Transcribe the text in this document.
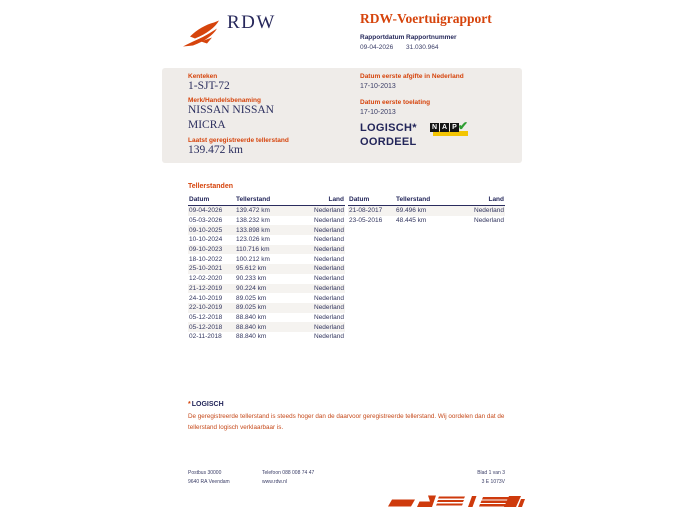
RDW	RDW-Voertuigrapport
Rapportdatum
09-04-2026
Rapportnummer
31.030.964
Kenteken
1-SJT-72
Merk/Handelsbenaming
NISSAN NISSAN
MICRA
Laatst geregistreerde tellerstand
139.472 km
Datum eerste afgifte in Nederland
17-10-2013
Datum eerste toelating
17-10-2013
LOGISCH*
OORDEEL
N A P ✔
Tellerstanden
Datum	Tellerstand	Land
09-04-2026	139.472 km	Nederland
05-03-2026	138.232 km	Nederland
09-10-2025	133.898 km	Nederland
10-10-2024	123.026 km	Nederland
09-10-2023	110.716 km	Nederland
18-10-2022	100.212 km	Nederland
25-10-2021	95.612 km	Nederland
12-02-2020	90.233 km	Nederland
21-12-2019	90.224 km	Nederland
24-10-2019	89.025 km	Nederland
22-10-2019	89.025 km	Nederland
05-12-2018	88.840 km	Nederland
05-12-2018	88.840 km	Nederland
02-11-2018	88.840 km	Nederland
Datum	Tellerstand	Land
21-08-2017	69.496 km	Nederland
23-05-2016	48.445 km	Nederland
*LOGISCH
De geregistreerde tellerstand is steeds hoger dan de daarvoor geregistreerde tellerstand. Wij oordelen dan dat de tellerstand logisch verklaarbaar is.
Postbus 30000
9640 RA Veendam
Telefoon 088 008 74 47
www.rdw.nl
Blad 1 van 3
3 E 1073V
